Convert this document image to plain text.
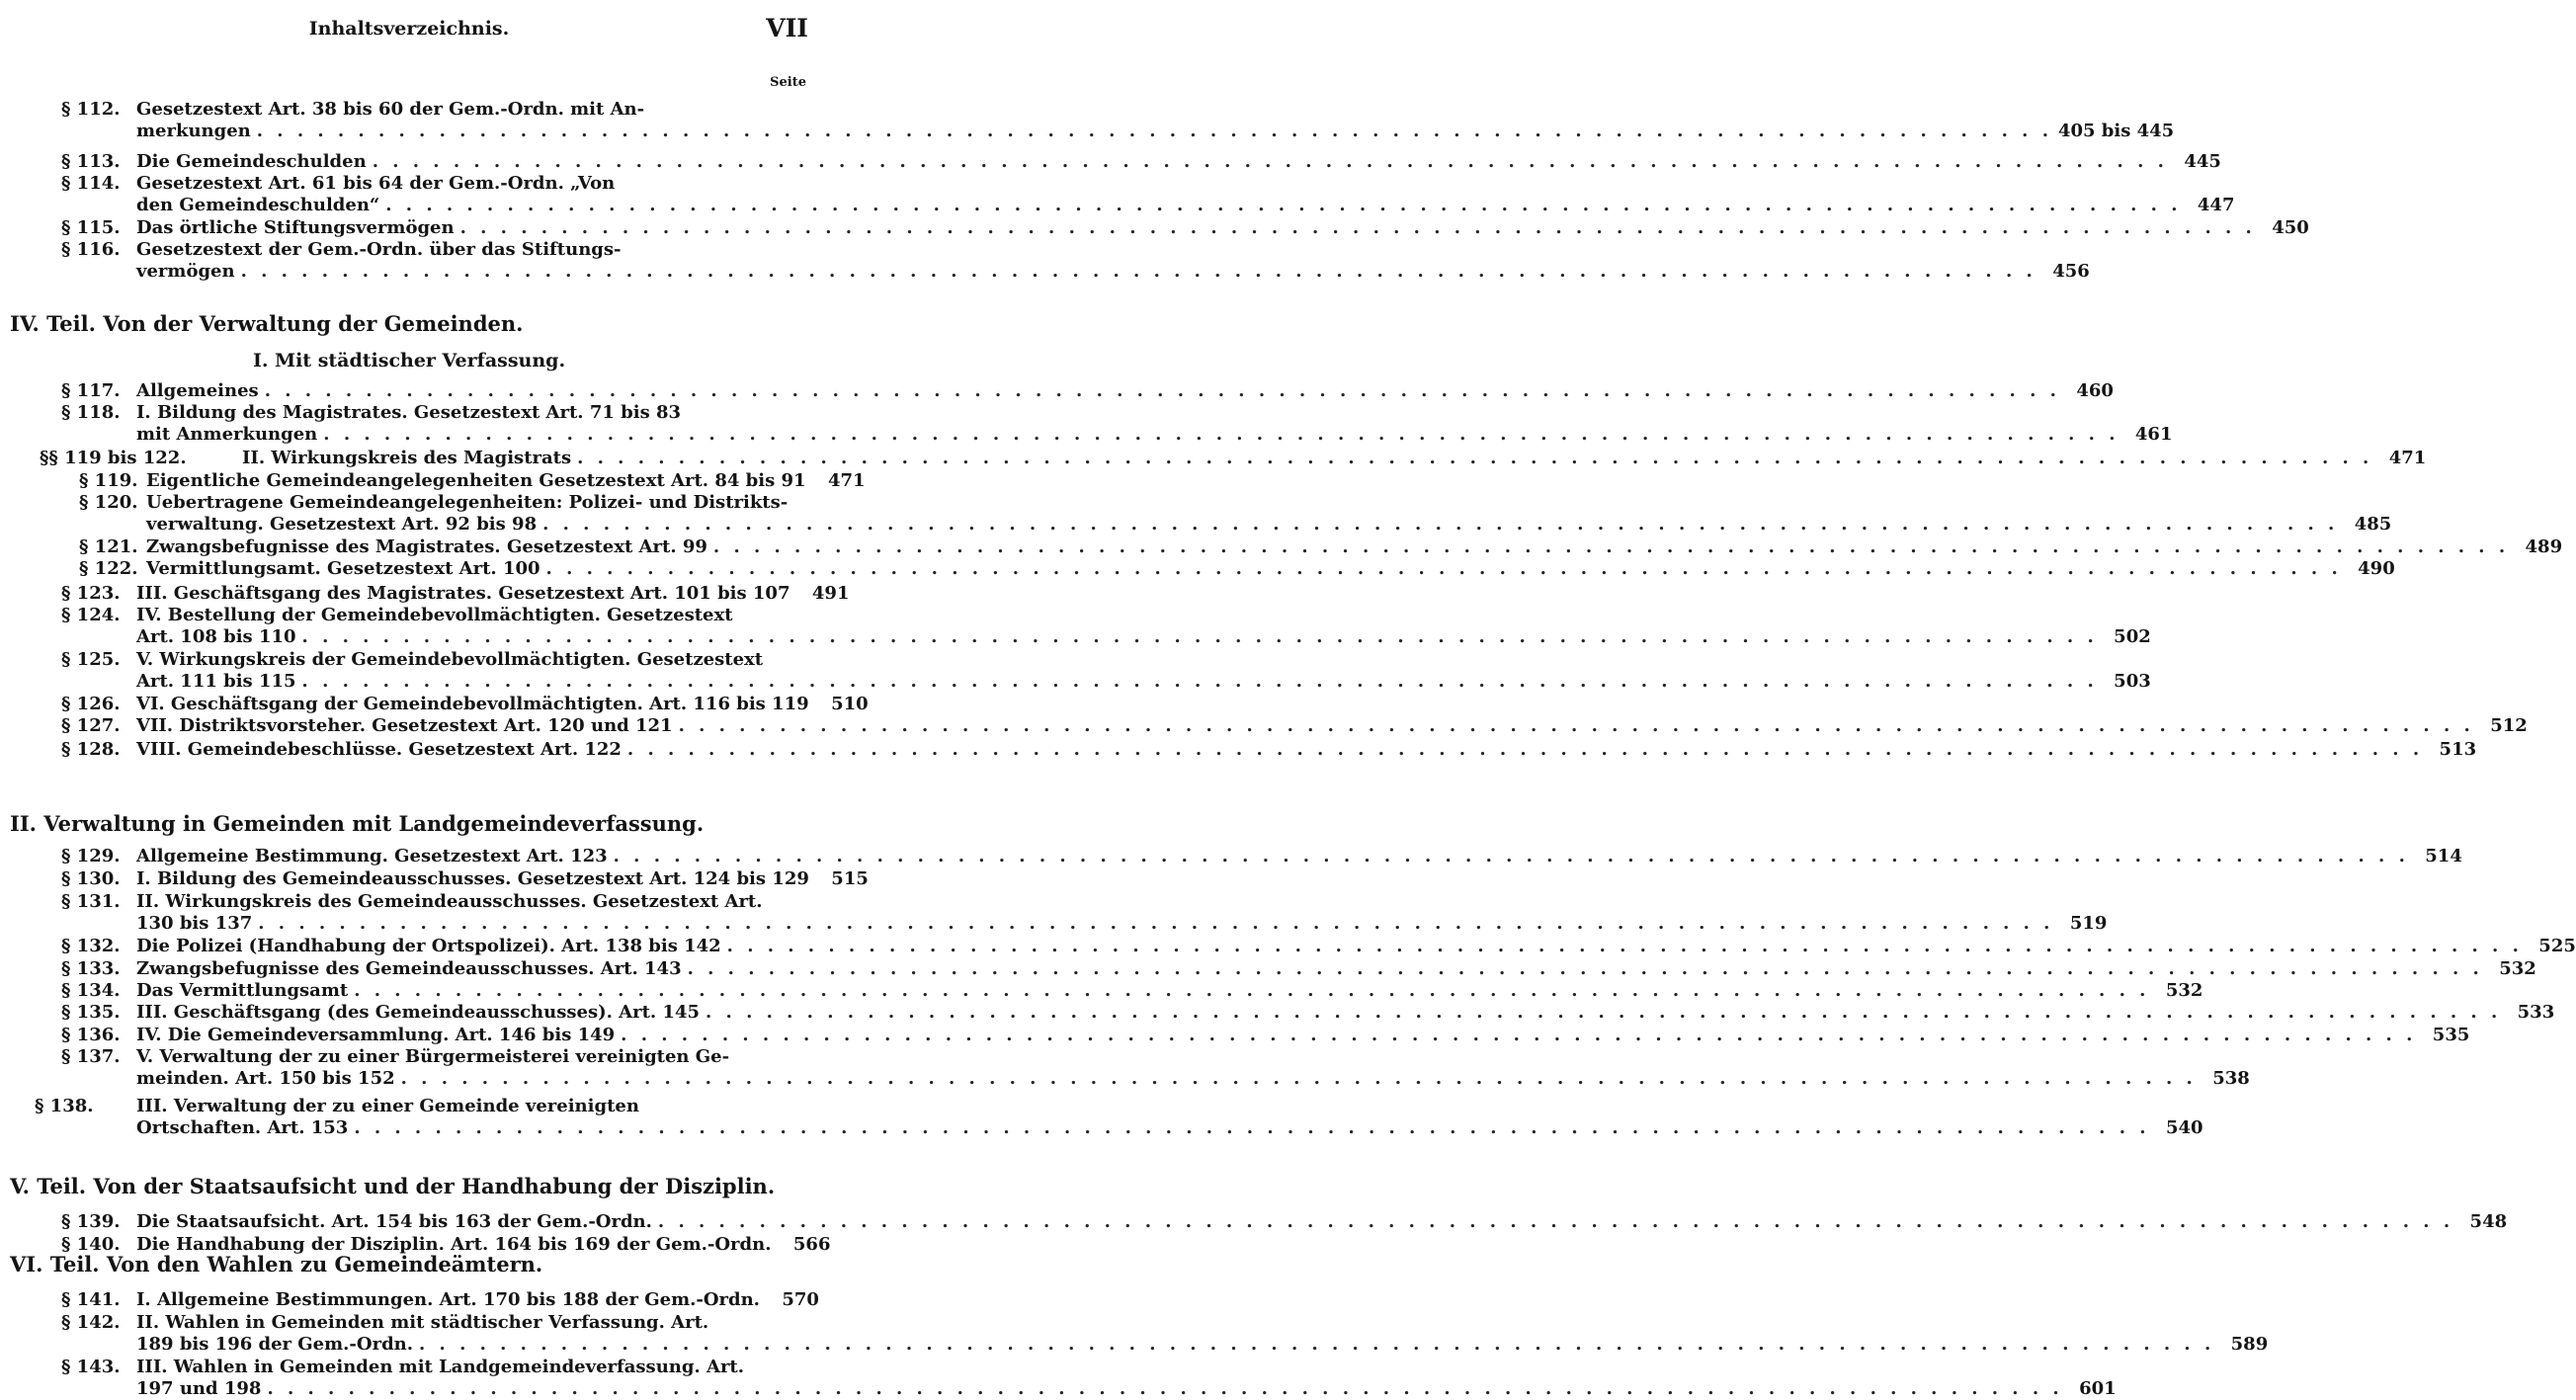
Inhaltsverzeichnis.	VII
Seite
IV. Teil. Von der Verwaltung der Gemeinden.
I. Mit städtischer Verfassung.
II. Verwaltung in Gemeinden mit Landgemeindeverfassung.
V. Teil. Von der Staatsaufsicht und der Handhabung der Disziplin.
VI. Teil. Von den Wahlen zu Gemeindeämtern.
§ 112. Gesetzestext Art. 38 bis 60 der Gem.-Ordn. mit An-
merkungen . . .	405 bis 445
§ 113. Die Gemeindeschulden . . .	445
§ 114. Gesetzestext Art. 61 bis 64 der Gem.-Ordn. „Von
den Gemeindeschulden“ . . .	447
§ 115. Das örtliche Stiftungsvermögen . . .	450
§ 116. Gesetzestext der Gem.-Ordn. über das Stiftungs-
vermögen . . .	456
§ 117. Allgemeines . . .	460
§ 118. I. Bildung des Magistrates. Gesetzestext Art. 71 bis 83
mit Anmerkungen . . .	461
§§ 119 bis 122.	II. Wirkungskreis des Magistrats . . .	471
§ 119. Eigentliche Gemeindeangelegenheiten Gesetzestext Art. 84 bis 91	471
§ 120. Uebertragene Gemeindeangelegenheiten: Polizei- und Distrikts-
verwaltung. Gesetzestext Art. 92 bis 98 . . .	485
§ 121. Zwangsbefugnisse des Magistrates. Gesetzestext Art. 99 . . .	489
§ 122. Vermittlungsamt. Gesetzestext Art. 100 . . .	490
§ 123. III. Geschäftsgang des Magistrates. Gesetzestext Art. 101 bis 107	491
§ 124. IV. Bestellung der Gemeindebevollmächtigten. Gesetzestext
Art. 108 bis 110 . . .	502
§ 125. V. Wirkungskreis der Gemeindebevollmächtigten. Gesetzestext
Art. 111 bis 115 . . .	503
§ 126. VI. Geschäftsgang der Gemeindebevollmächtigten. Art. 116 bis 119	510
§ 127. VII. Distriktsvorsteher. Gesetzestext Art. 120 und 121 . . .	512
§ 128. VIII. Gemeindebeschlüsse. Gesetzestext Art. 122 . . .	513
§ 129. Allgemeine Bestimmung. Gesetzestext Art. 123 . . .	514
§ 130. I. Bildung des Gemeindeausschusses. Gesetzestext Art. 124 bis 129	515
§ 131. II. Wirkungskreis des Gemeindeausschusses. Gesetzestext Art.
130 bis 137 . . .	519
§ 132. Die Polizei (Handhabung der Ortspolizei). Art. 138 bis 142 . . .	525
§ 133. Zwangsbefugnisse des Gemeindeausschusses. Art. 143 . . .	532
§ 134. Das Vermittlungsamt . . .	532
§ 135. III. Geschäftsgang (des Gemeindeausschusses). Art. 145 . . .	533
§ 136. IV. Die Gemeindeversammlung. Art. 146 bis 149 . . .	535
§ 137. V. Verwaltung der zu einer Bürgermeisterei vereinigten Ge-
meinden. Art. 150 bis 152 . . .	538
§ 138. III. Verwaltung der zu einer Gemeinde vereinigten
Ortschaften. Art. 153 . . .	540
§ 139. Die Staatsaufsicht. Art. 154 bis 163 der Gem.-Ordn. . . .	548
§ 140. Die Handhabung der Disziplin. Art. 164 bis 169 der Gem.-Ordn.	566
§ 141. I. Allgemeine Bestimmungen. Art. 170 bis 188 der Gem.-Ordn.	570
§ 142. II. Wahlen in Gemeinden mit städtischer Verfassung. Art.
189 bis 196 der Gem.-Ordn. . . .	589
§ 143. III. Wahlen in Gemeinden mit Landgemeindeverfassung. Art.
197 und 198 . . .	601
